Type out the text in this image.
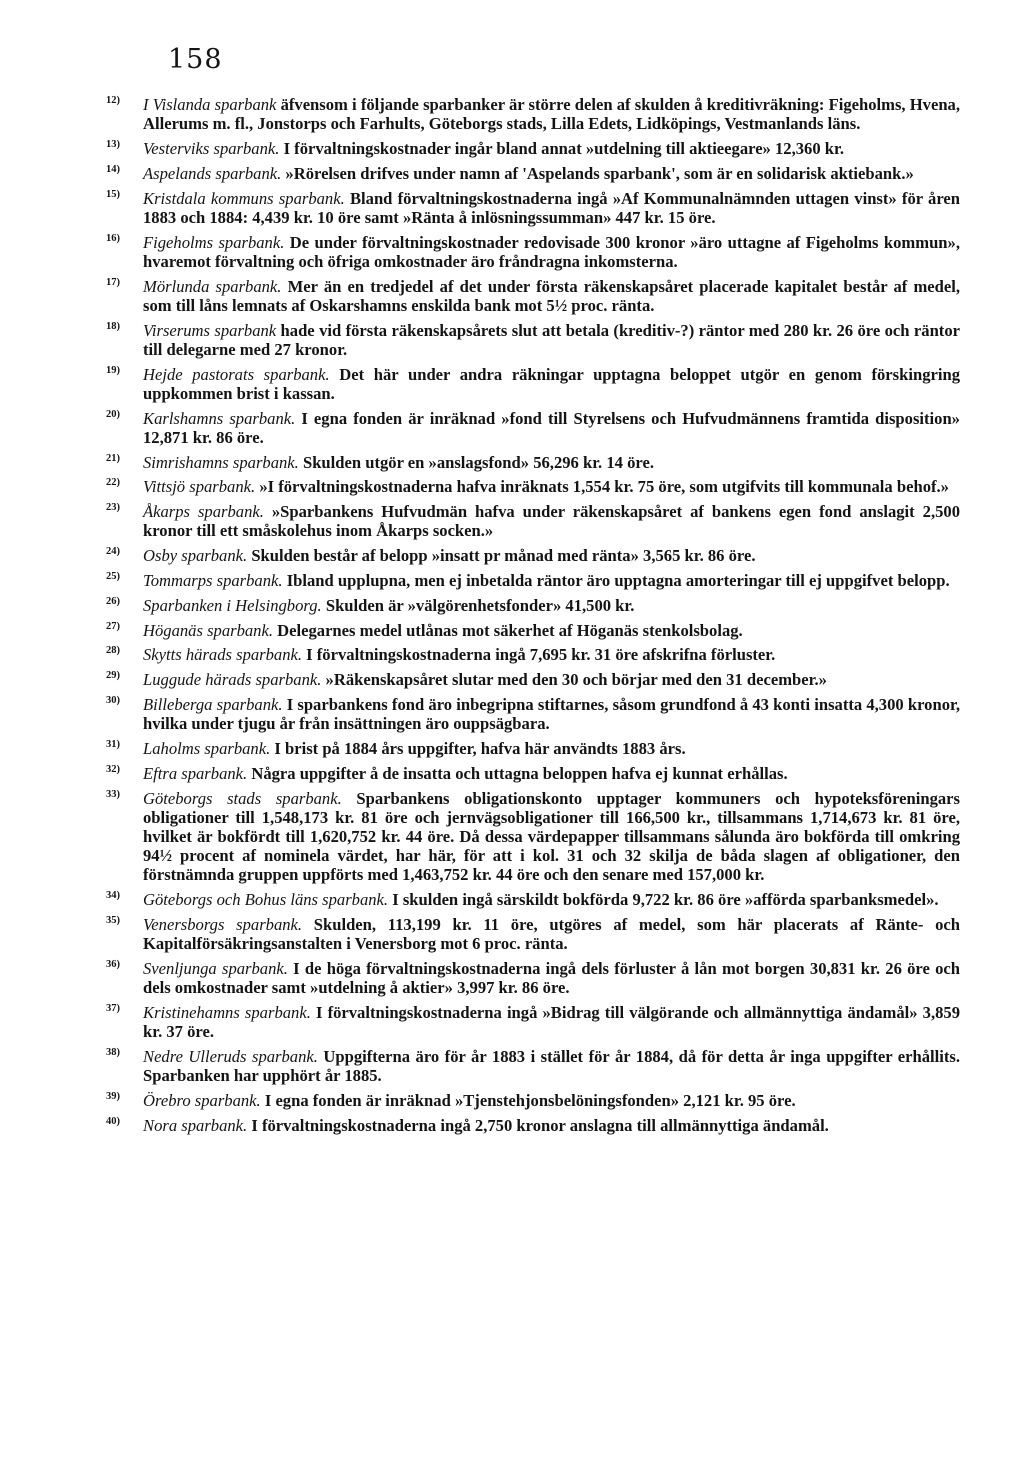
158

12) I Vislanda sparbank äfvensom i följande sparbanker är större delen af skulden å kreditivräkning: Figeholms, Hvena, Allerums m. fl., Jonstorps och Farhults, Göteborgs stads, Lilla Edets, Lidköpings, Vestmanlands läns.

13) Vesterviks sparbank. I förvaltningskostnader ingår bland annat »utdelning till aktieegare» 12,360 kr.

14) Aspelands sparbank. »Rörelsen drifves under namn af 'Aspelands sparbank', som är en solidarisk aktiebank.»

15) Kristdala kommuns sparbank. Bland förvaltningskostnaderna ingå »Af Kommunalnämnden uttagen vinst» för åren 1883 och 1884: 4,439 kr. 10 öre samt »Ränta å inlösningssumman» 447 kr. 15 öre.

16) Figeholms sparbank. De under förvaltningskostnader redovisade 300 kronor »äro uttagne af Figeholms kommun», hvaremot förvaltning och öfriga omkostnader äro fråndragna inkomsterna.

17) Mörlunda sparbank. Mer än en tredjedel af det under första räkenskapsåret placerade kapitalet består af medel, som till låns lemnats af Oskarshamns enskilda bank mot 5½ proc. ränta.

18) Virserums sparbank hade vid första räkenskapsårets slut att betala (kreditiv-?) räntor med 280 kr. 26 öre och räntor till delegarne med 27 kronor.

19) Hejde pastorats sparbank. Det här under andra räkningar upptagna beloppet utgör en genom förskingring uppkommen brist i kassan.

20) Karlshamns sparbank. I egna fonden är inräknad »fond till Styrelsens och Hufvudmännens framtida disposition» 12,871 kr. 86 öre.

21) Simrishamns sparbank. Skulden utgör en »anslagsfond» 56,296 kr. 14 öre.

22) Vittsjö sparbank. »I förvaltningskostnaderna hafva inräknats 1,554 kr. 75 öre, som utgifvits till kommunala behof.»

23) Åkarps sparbank. »Sparbankens Hufvudmän hafva under räkenskapsåret af bankens egen fond anslagit 2,500 kronor till ett småskolehus inom Åkarps socken.»

24) Osby sparbank. Skulden består af belopp »insatt pr månad med ränta» 3,565 kr. 86 öre.

25) Tommarps sparbank. Ibland upplupna, men ej inbetalda räntor äro upptagna amorteringar till ej uppgifvet belopp.

26) Sparbanken i Helsingborg. Skulden är »välgörenhetsfonder» 41,500 kr.

27) Höganäs sparbank. Delegarnes medel utlånas mot säkerhet af Höganäs stenkolsbolag.

28) Skytts härads sparbank. I förvaltningskostnaderna ingå 7,695 kr. 31 öre afskrifna förluster.

29) Luggude härads sparbank. »Räkenskapsåret slutar med den 30 och börjar med den 31 december.»

30) Billeberga sparbank. I sparbankens fond äro inbegripna stiftarnes, såsom grundfond å 43 konti insatta 4,300 kronor, hvilka under tjugu år från insättningen äro ouppsägbara.

31) Laholms sparbank. I brist på 1884 års uppgifter, hafva här användts 1883 års.

32) Eftra sparbank. Några uppgifter å de insatta och uttagna beloppen hafva ej kunnat erhållas.

33) Göteborgs stads sparbank. Sparbankens obligationskonto upptager kommuners och hypoteksföreningars obligationer till 1,548,173 kr. 81 öre och jernvägsobligationer till 166,500 kr., tillsammans 1,714,673 kr. 81 öre, hvilket är bokfördt till 1,620,752 kr. 44 öre. Då dessa värdepapper tillsammans sålunda äro bokförda till omkring 94½ procent af nominela värdet, har här, för att i kol. 31 och 32 skilja de båda slagen af obligationer, den förstnämnda gruppen uppförts med 1,463,752 kr. 44 öre och den senare med 157,000 kr.

34) Göteborgs och Bohus läns sparbank. I skulden ingå särskildt bokförda 9,722 kr. 86 öre »afförda sparbanksmedel».

35) Venersborgs sparbank. Skulden, 113,199 kr. 11 öre, utgöres af medel, som här placerats af Ränte- och Kapitalförsäkringsanstalten i Venersborg mot 6 proc. ränta.

36) Svenljunga sparbank. I de höga förvaltningskostnaderna ingå dels förluster å lån mot borgen 30,831 kr. 26 öre och dels omkostnader samt »utdelning å aktier» 3,997 kr. 86 öre.

37) Kristinehamns sparbank. I förvaltningskostnaderna ingå »Bidrag till välgörande och allmännyttiga ändamål» 3,859 kr. 37 öre.

38) Nedre Ulleruds sparbank. Uppgifterna äro för år 1883 i stället för år 1884, då för detta år inga uppgifter erhållits. Sparbanken har upphört år 1885.

39) Örebro sparbank. I egna fonden är inräknad »Tjenstehjonsbelöningsfonden» 2,121 kr. 95 öre.

40) Nora sparbank. I förvaltningskostnaderna ingå 2,750 kronor anslagna till allmännyttiga ändamål.
